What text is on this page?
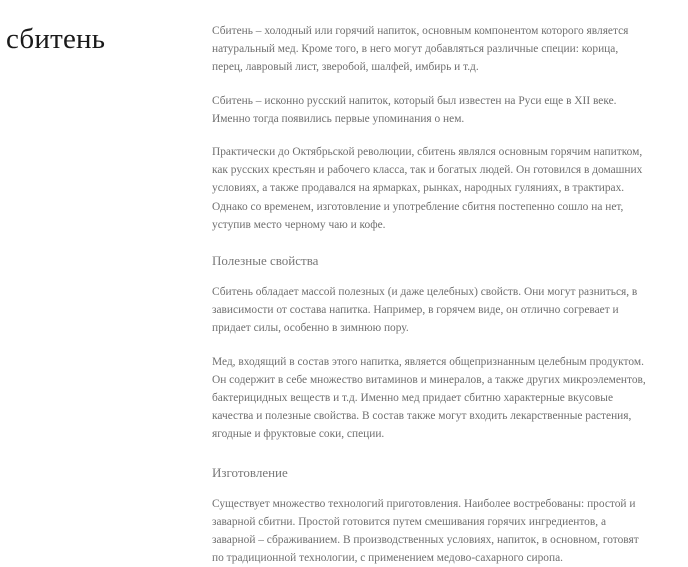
сбитень	Сбитень – холодный или горячий напиток, основным компонентом которого является натуральный мед. Кроме того, в него могут добавляться различные специи: корица, перец, лавровый лист, зверобой, шалфей, имбирь и т.д.

Сбитень – исконно русский напиток, который был известен на Руси еще в XII веке. Именно тогда появились первые упоминания о нем.

Практически до Октябрьской революции, сбитень являлся основным горячим напитком, как русских крестьян и рабочего класса, так и богатых людей. Он готовился в домашних условиях, а также продавался на ярмарках, рынках, народных гуляниях, в трактирах. Однако со временем, изготовление и употребление сбитня постепенно сошло на нет, уступив место черному чаю и кофе.

Полезные свойства

Сбитень обладает массой полезных (и даже целебных) свойств. Они могут разниться, в зависимости от состава напитка. Например, в горячем виде, он отлично согревает и придает силы, особенно в зимнюю пору.

Мед, входящий в состав этого напитка, является общепризнанным целебным продуктом. Он содержит в себе множество витаминов и минералов, а также других микроэлементов, бактерицидных веществ и т.д. Именно мед придает сбитню характерные вкусовые качества и полезные свойства. В состав также могут входить лекарственные растения, ягодные и фруктовые соки, специи.

Изготовление

Существует множество технологий приготовления. Наиболее востребованы: простой и заварной сбитни. Простой готовится путем смешивания горячих ингредиентов, а заварной – сбраживанием. В производственных условиях, напиток, в основном, готовят по традиционной технологии, с применением медово-сахарного сиропа.
